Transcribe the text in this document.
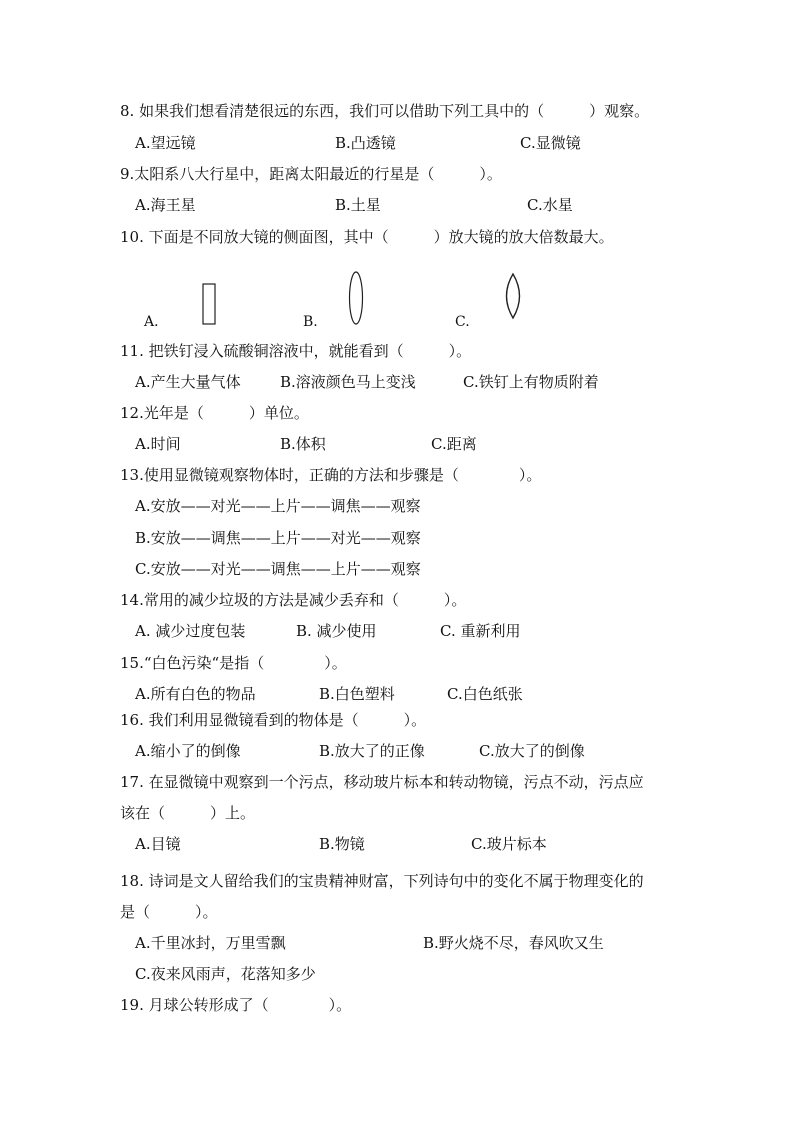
8. 如果我们想看清楚很远的东西，我们可以借助下列工具中的（　　　）观察。
A.望远镜	B.凸透镜	C.显微镜
9.太阳系八大行星中，距离太阳最近的行星是（　　　）。
A.海王星	B.土星	C.水星
10. 下面是不同放大镜的侧面图，其中（　　　）放大镜的放大倍数最大。
A．	B.	C.
11. 把铁钉浸入硫酸铜溶液中，就能看到（　　　）。
A.产生大量气体	B.溶液颜色马上变浅	C.铁钉上有物质附着
12.光年是（　　　）单位。
A.时间	B.体积	C.距离
13.使用显微镜观察物体时，正确的方法和步骤是（　　　　）。
A.安放——对光——上片——调焦——观察
B.安放——调焦——上片——对光——观察
C.安放——对光——调焦——上片——观察
14.常用的减少垃圾的方法是减少丢弃和（　　　）。
A. 减少过度包装	B. 减少使用	C. 重新利用
15.“白色污染“是指（　　　　）。
A.所有白色的物品	B.白色塑料	C.白色纸张
16. 我们利用显微镜看到的物体是（　　　）。
A.缩小了的倒像	B.放大了的正像	C.放大了的倒像
17. 在显微镜中观察到一个污点，移动玻片标本和转动物镜，污点不动，污点应
该在（　　　）上。
A.目镜	B.物镜	C.玻片标本
18. 诗词是文人留给我们的宝贵精神财富，下列诗句中的变化不属于物理变化的
是（　　　）。
A.千里冰封，万里雪飘	B.野火烧不尽，春风吹又生
C.夜来风雨声，花落知多少
19. 月球公转形成了（　　　　）。
